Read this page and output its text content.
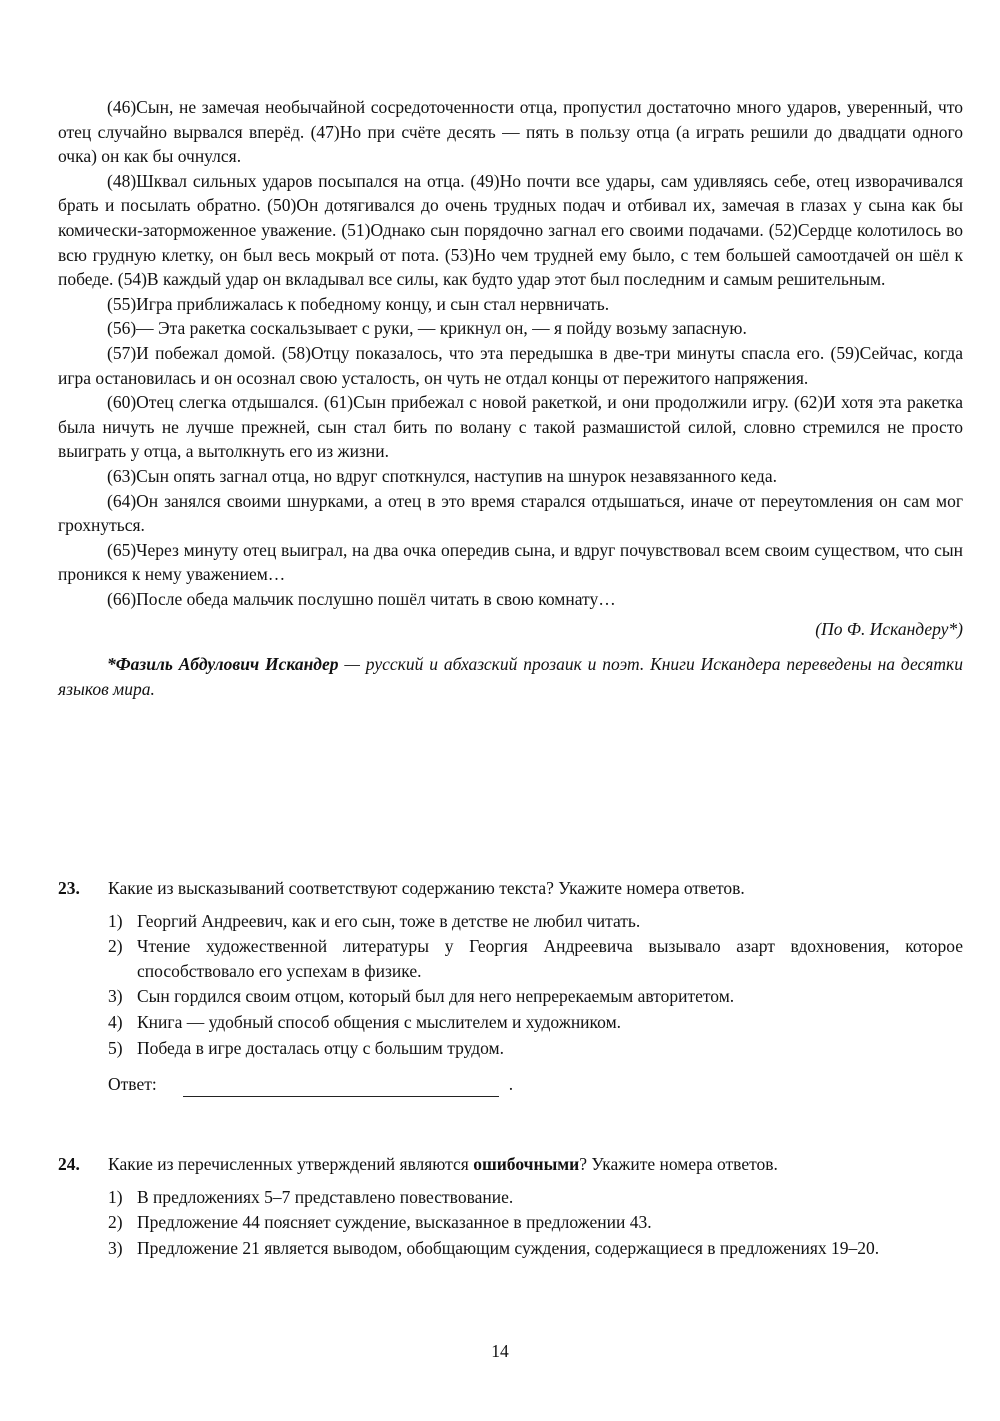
(46)Сын, не замечая необычайной сосредоточенности отца, пропустил достаточно много ударов, уверенный, что отец случайно вырвался вперёд. (47)Но при счёте десять — пять в пользу отца (а играть решили до двадцати одного очка) он как бы очнулся.

(48)Шквал сильных ударов посыпался на отца. (49)Но почти все удары, сам удивляясь себе, отец изворачивался брать и посылать обратно. (50)Он дотягивался до очень трудных подач и отбивал их, замечая в глазах у сына как бы комически-заторможенное уважение. (51)Однако сын порядочно загнал его своими подачами. (52)Сердце колотилось во всю грудную клетку, он был весь мокрый от пота. (53)Но чем трудней ему было, с тем большей самоотдачей он шёл к победе. (54)В каждый удар он вкладывал все силы, как будто удар этот был последним и самым решительным.

(55)Игра приближалась к победному концу, и сын стал нервничать.

(56)— Эта ракетка соскальзывает с руки, — крикнул он, — я пойду возьму запасную.

(57)И побежал домой. (58)Отцу показалось, что эта передышка в две-три минуты спасла его. (59)Сейчас, когда игра остановилась и он осознал свою усталость, он чуть не отдал концы от пережитого напряжения.

(60)Отец слегка отдышался. (61)Сын прибежал с новой ракеткой, и они продолжили игру. (62)И хотя эта ракетка была ничуть не лучше прежней, сын стал бить по волану с такой размашистой силой, словно стремился не просто выиграть у отца, а вытолкнуть его из жизни.

(63)Сын опять загнал отца, но вдруг споткнулся, наступив на шнурок незавязанного кеда.

(64)Он занялся своими шнурками, а отец в это время старался отдышаться, иначе от переутомления он сам мог грохнуться.

(65)Через минуту отец выиграл, на два очка опередив сына, и вдруг почувствовал всем своим существом, что сын проникся к нему уважением…

(66)После обеда мальчик послушно пошёл читать в свою комнату…

(По Ф. Искандеру*)

*Фазиль Абдулович Искандер — русский и абхазский прозаик и поэт. Книги Искандера переведены на десятки языков мира.

23.	Какие из высказываний соответствуют содержанию текста? Укажите номера ответов.
1) Георгий Андреевич, как и его сын, тоже в детстве не любил читать.
2) Чтение художественной литературы у Георгия Андреевича вызывало азарт вдохновения, которое способствовало его успехам в физике.
3) Сын гордился своим отцом, который был для него непререкаемым авторитетом.
4) Книга — удобный способ общения с мыслителем и художником.
5) Победа в игре досталась отцу с большим трудом.
Ответ:	.
24.	Какие из перечисленных утверждений являются ошибочными? Укажите номера ответов.
1) В предложениях 5–7 представлено повествование.
2) Предложение 44 поясняет суждение, высказанное в предложении 43.
3) Предложение 21 является выводом, обобщающим суждения, содержащиеся в предложениях 19–20.
14
